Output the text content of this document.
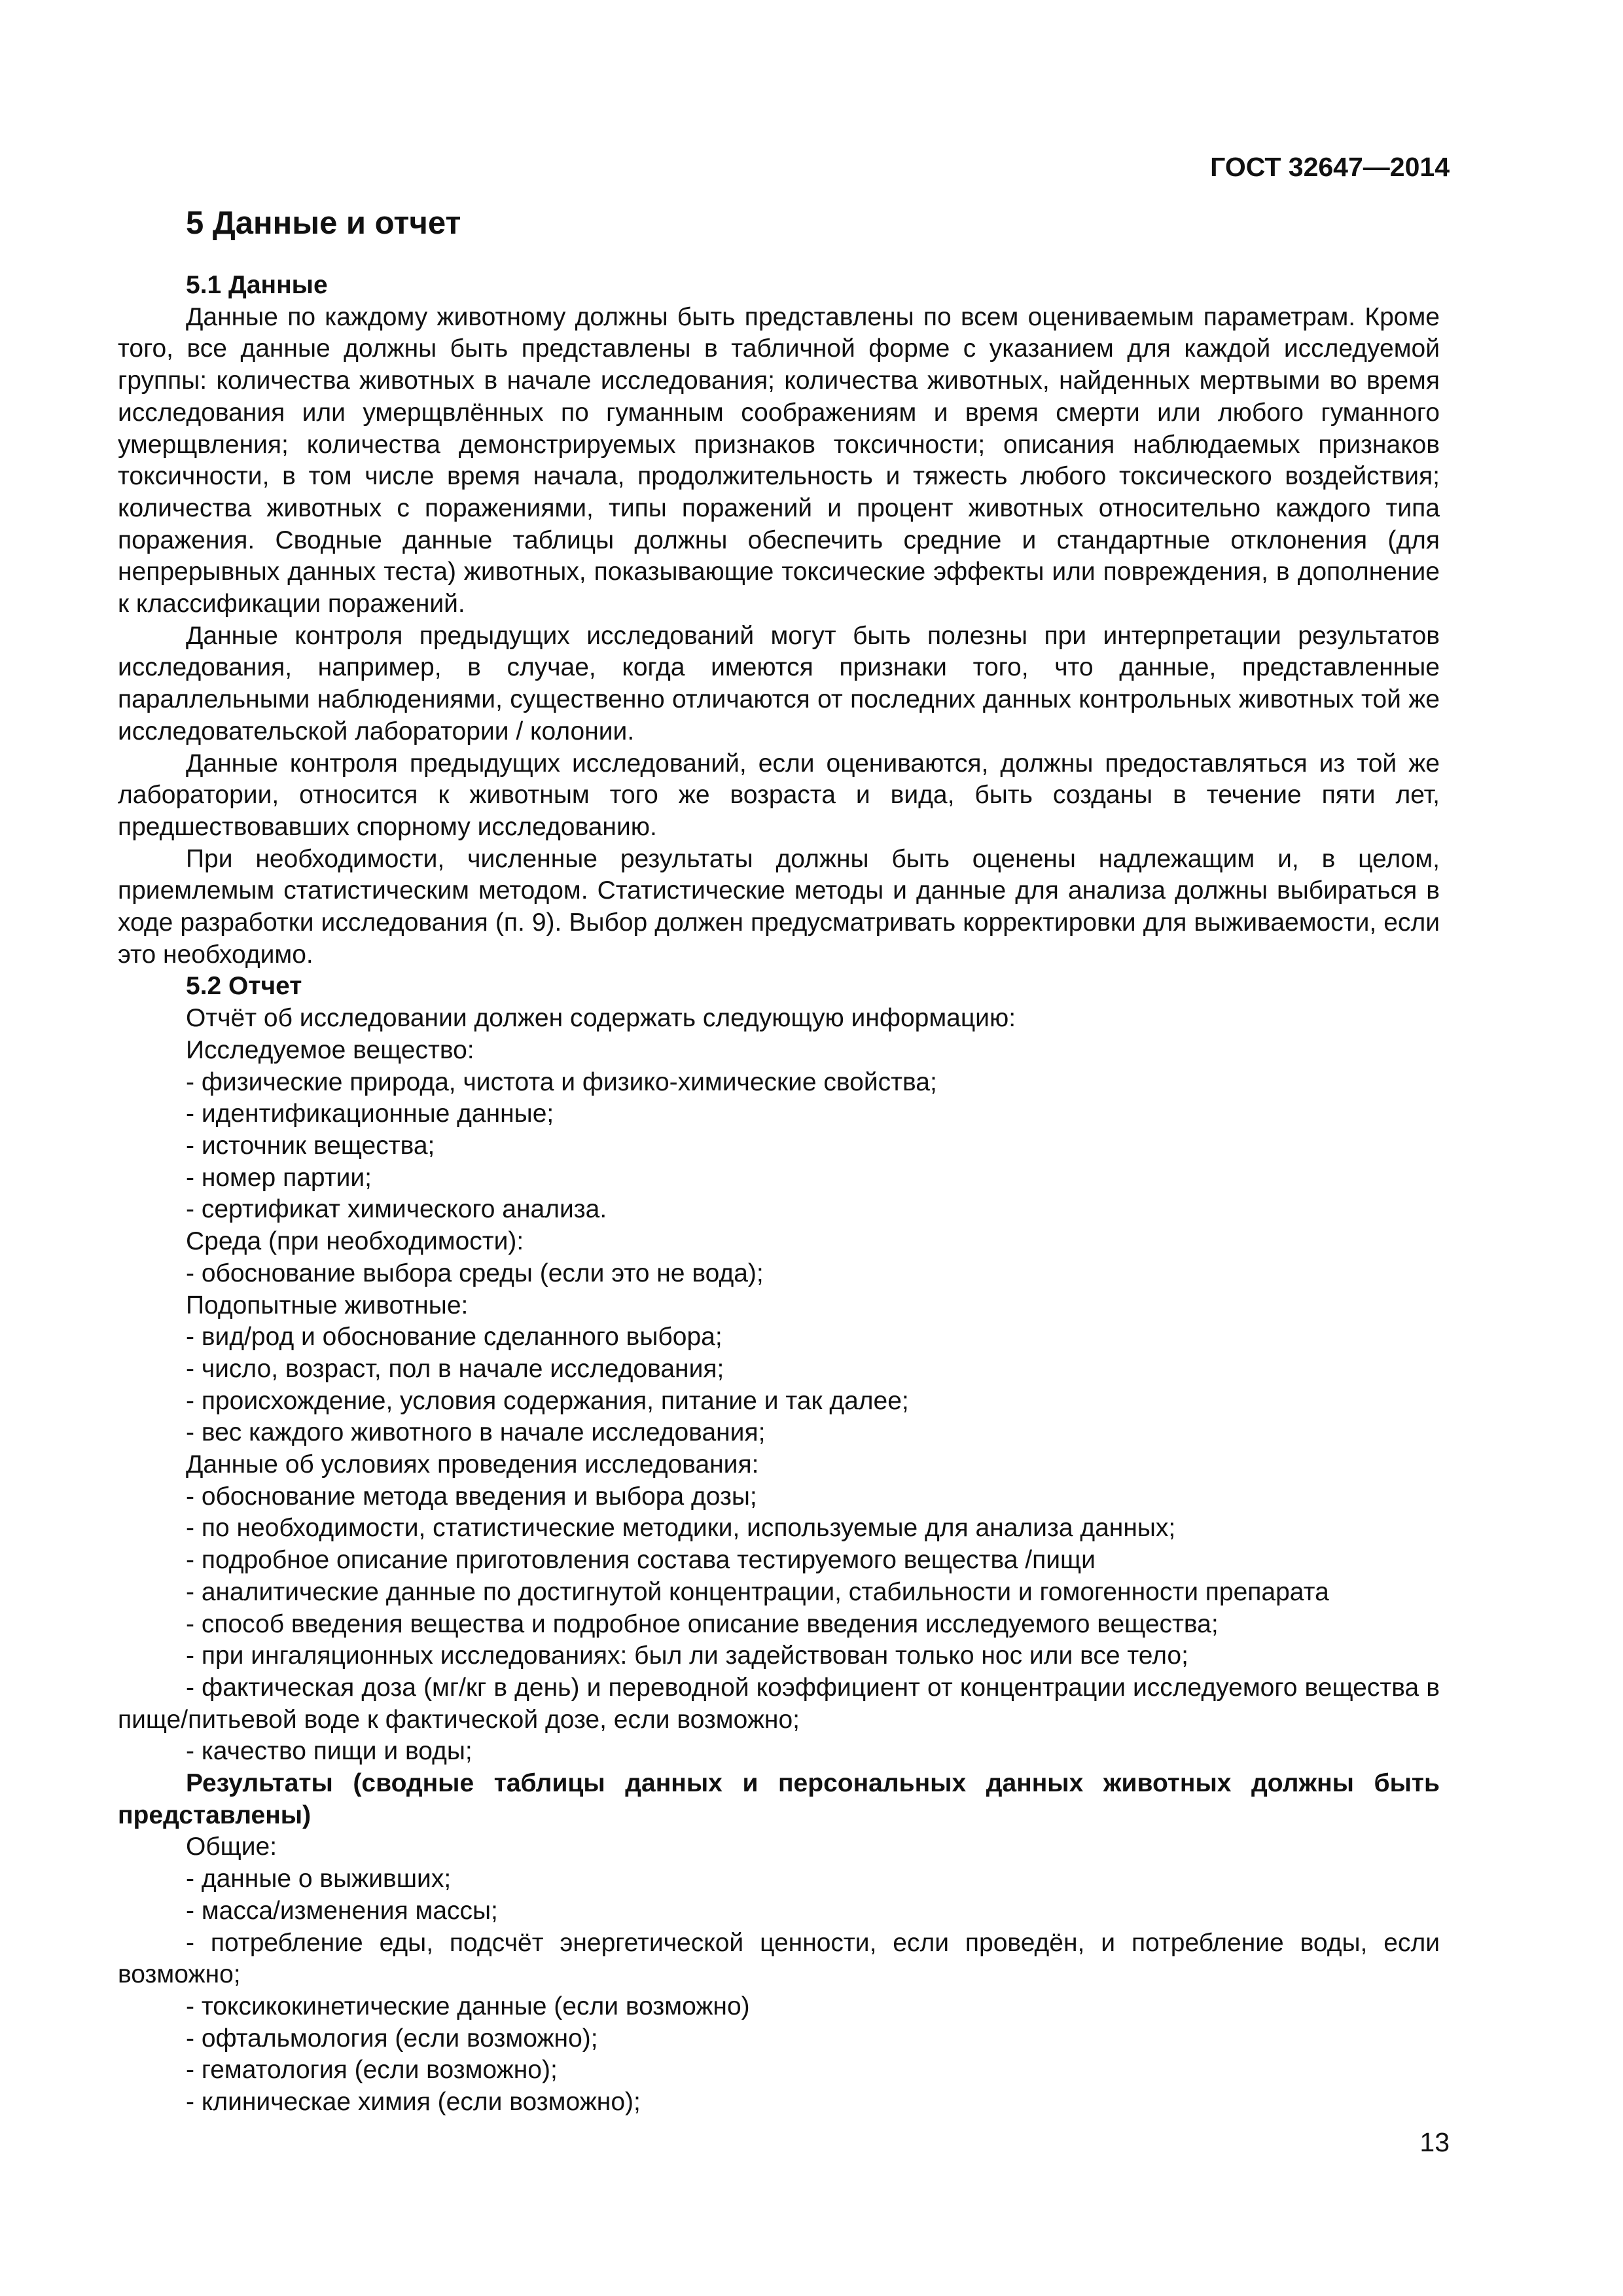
ГОСТ 32647—2014
5 Данные и отчет

5.1 Данные

Данные по каждому животному должны быть представлены по всем оцениваемым параметрам. Кроме того, все данные должны быть представлены в табличной форме с указанием для каждой исследуемой группы: количества животных в начале исследования; количества животных, найденных мертвыми во время исследования или умерщвлённых по гуманным соображениям и время смерти или любого гуманного умерщвления; количества демонстрируемых признаков токсичности; описания наблюдаемых признаков токсичности, в том числе время начала, продолжительность и тяжесть любого токсического воздействия; количества животных с поражениями, типы поражений и процент животных относительно каждого типа поражения. Сводные данные таблицы должны обеспечить средние и стандартные отклонения (для непрерывных данных теста) животных, показывающие токсические эффекты или повреждения, в дополнение к классификации поражений.

Данные контроля предыдущих исследований могут быть полезны при интерпретации результатов исследования, например, в случае, когда имеются признаки того, что данные, представленные параллельными наблюдениями, существенно отличаются от последних данных контрольных животных той же исследовательской лаборатории / колонии.

Данные контроля предыдущих исследований, если оцениваются, должны предоставляться из той же лаборатории, относится к животным того же возраста и вида, быть созданы в течение пяти лет, предшествовавших спорному исследованию.

При необходимости, численные результаты должны быть оценены надлежащим и, в целом, приемлемым статистическим методом. Статистические методы и данные для анализа должны выбираться в ходе разработки исследования (п. 9). Выбор должен предусматривать корректировки для выживаемости, если это необходимо.

5.2 Отчет

Отчёт об исследовании должен содержать следующую информацию:

Исследуемое вещество:

- физические природа, чистота и физико-химические свойства;

- идентификационные данные;

- источник вещества;

- номер партии;

- сертификат химического анализа.

Среда (при необходимости):

- обоснование выбора среды (если это не вода);

Подопытные животные:

- вид/род и обоснование сделанного выбора;

- число, возраст, пол в начале исследования;

- происхождение, условия содержания, питание и так далее;

- вес каждого животного в начале исследования;

Данные об условиях проведения исследования:

- обоснование метода введения и выбора дозы;

- по необходимости, статистические методики, используемые для анализа данных;

- подробное описание приготовления состава тестируемого вещества /пищи

- аналитические данные по достигнутой концентрации, стабильности и гомогенности препарата

- способ введения вещества и подробное описание введения исследуемого вещества;

- при ингаляционных исследованиях: был ли задействован только нос или все тело;

- фактическая доза (мг/кг в день) и переводной коэффициент от концентрации исследуемого вещества в пище/питьевой воде к фактической дозе, если возможно;

- качество пищи и воды;

Результаты (сводные таблицы данных и персональных данных животных должны быть представлены)

Общие:

- данные о выживших;

- масса/изменения массы;

- потребление еды, подсчёт энергетической ценности, если проведён, и потребление воды, если возможно;

- токсикокинетические данные (если возможно)

- офтальмология (если возможно);

- гематология (если возможно);

- клиническае химия (если возможно);

13
